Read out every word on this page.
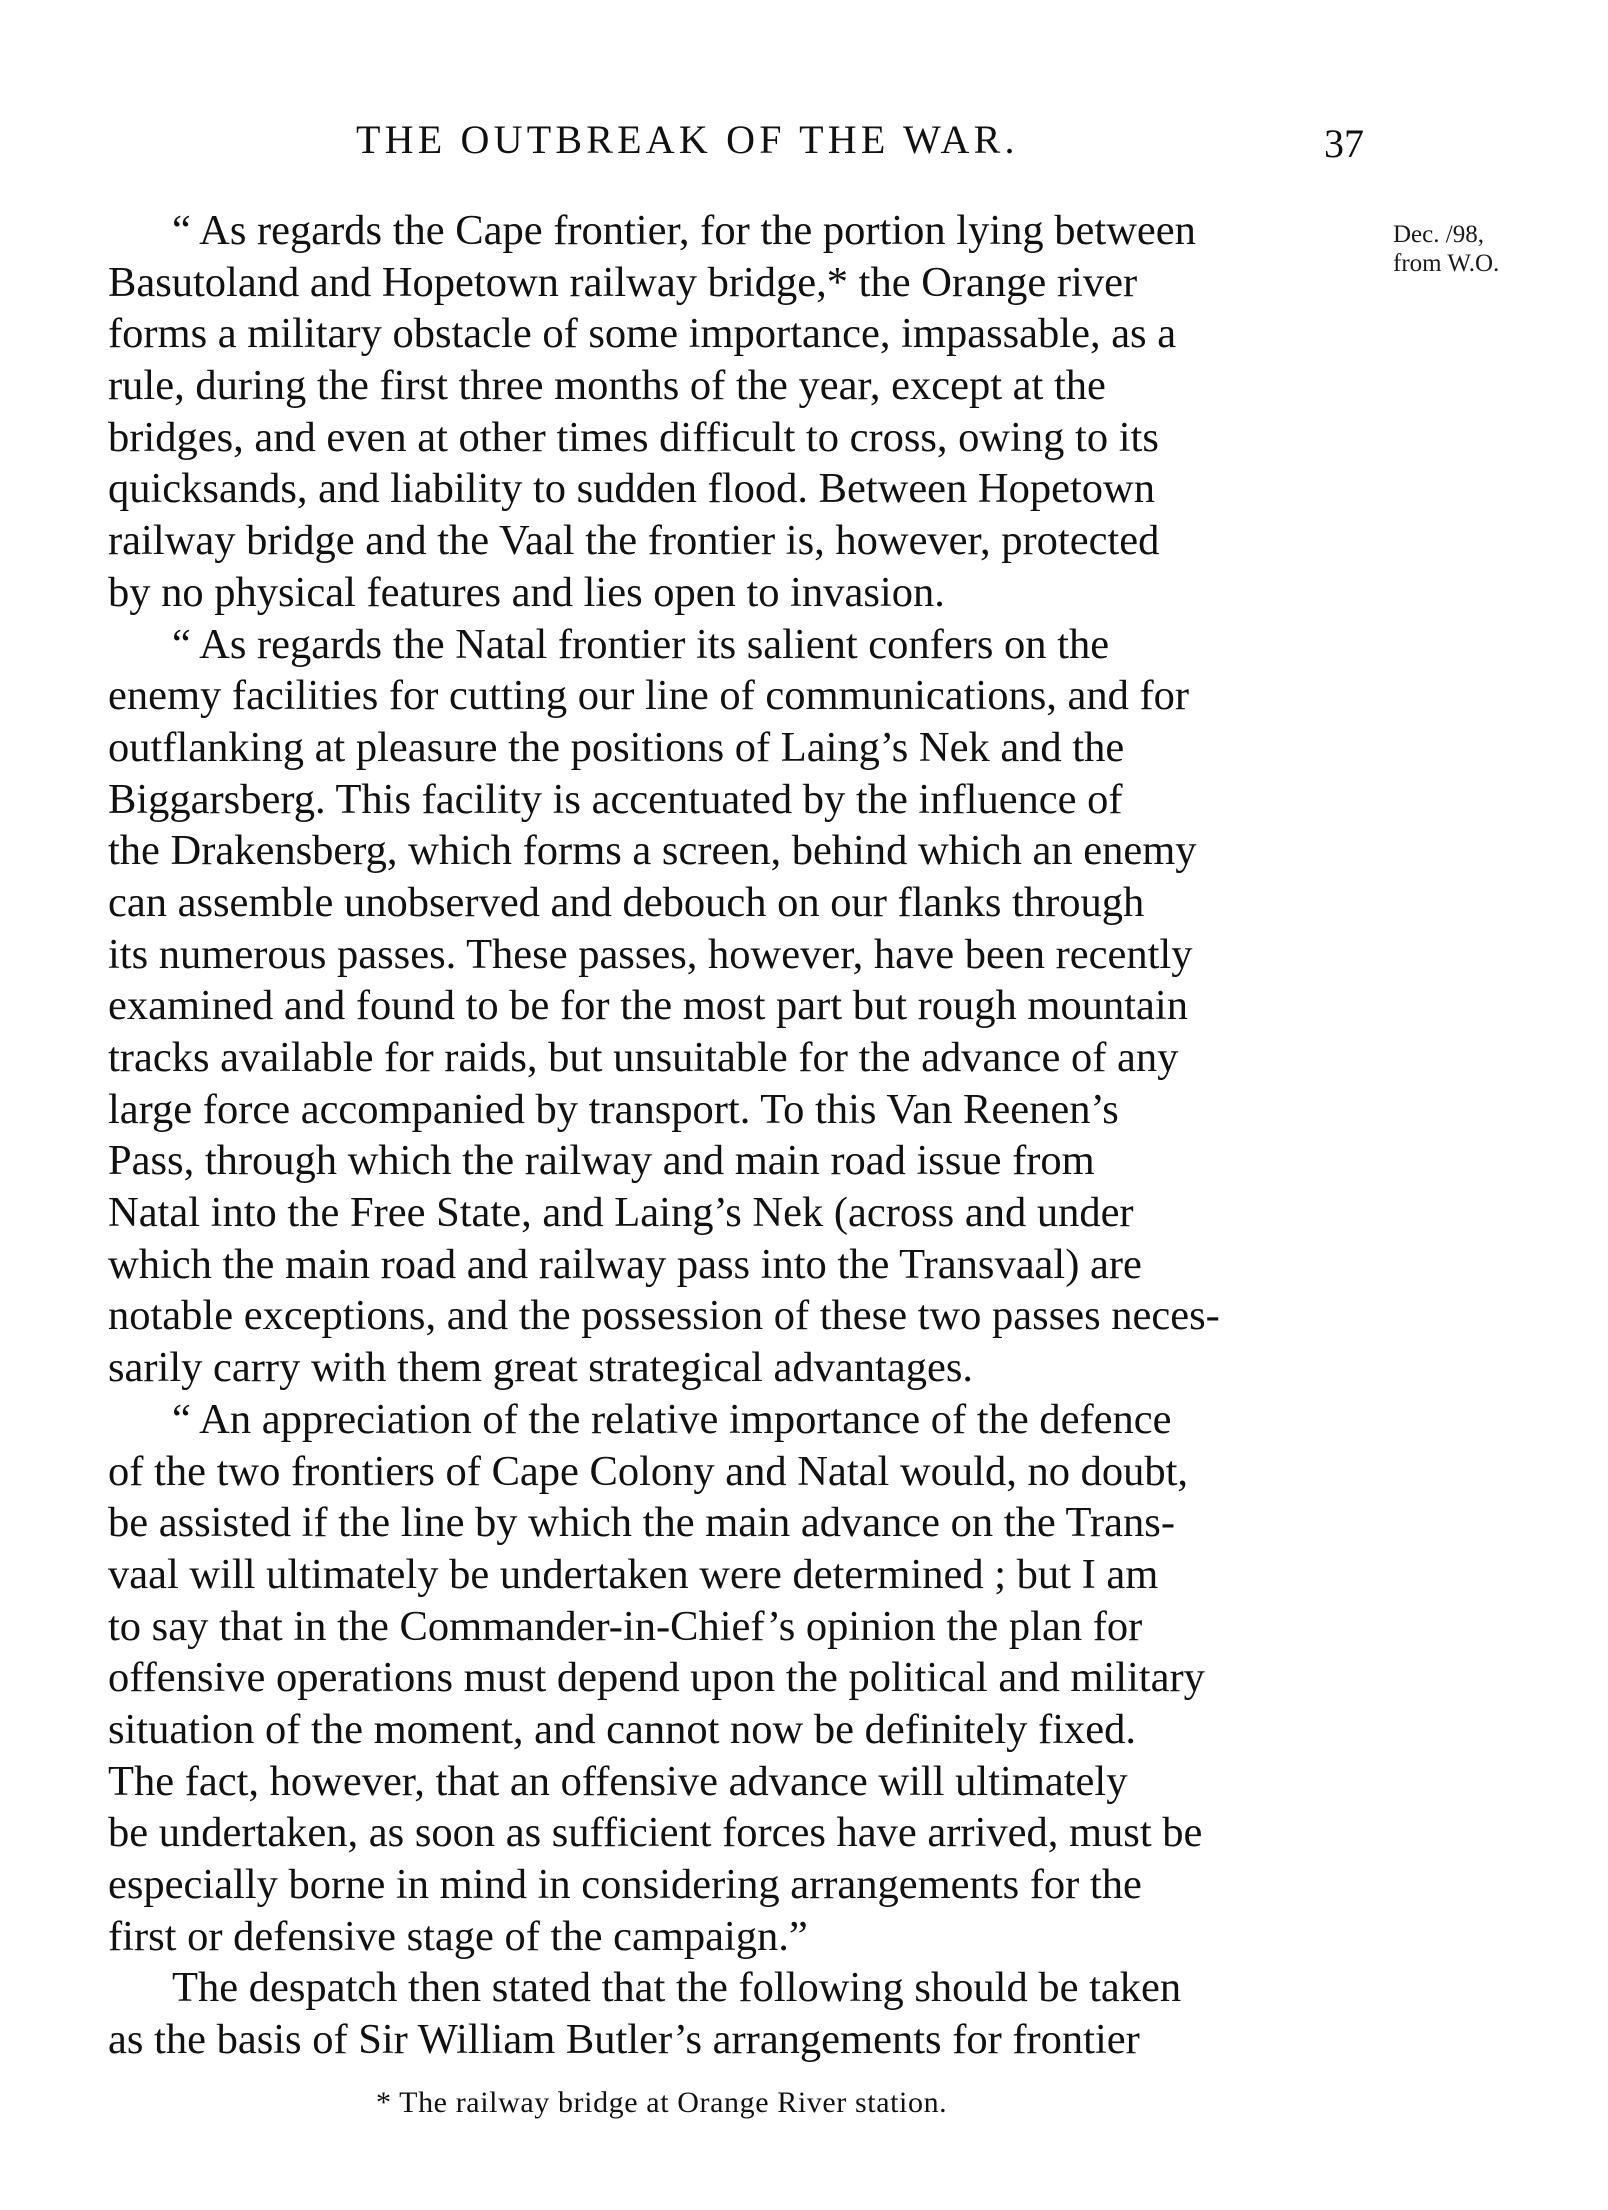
THE OUTBREAK OF THE WAR.	37
Dec. /98,
from W.O.
“ As regards the Cape frontier, for the portion lying between
Basutoland and Hopetown railway bridge,* the Orange river
forms a military obstacle of some importance, impassable, as a
rule, during the first three months of the year, except at the
bridges, and even at other times difficult to cross, owing to its
quicksands, and liability to sudden flood. Between Hopetown
railway bridge and the Vaal the frontier is, however, protected
by no physical features and lies open to invasion.
“ As regards the Natal frontier its salient confers on the
enemy facilities for cutting our line of communications, and for
outflanking at pleasure the positions of Laing’s Nek and the
Biggarsberg. This facility is accentuated by the influence of
the Drakensberg, which forms a screen, behind which an enemy
can assemble unobserved and debouch on our flanks through
its numerous passes. These passes, however, have been recently
examined and found to be for the most part but rough mountain
tracks available for raids, but unsuitable for the advance of any
large force accompanied by transport. To this Van Reenen’s
Pass, through which the railway and main road issue from
Natal into the Free State, and Laing’s Nek (across and under
which the main road and railway pass into the Transvaal) are
notable exceptions, and the possession of these two passes neces-
sarily carry with them great strategical advantages.
“ An appreciation of the relative importance of the defence
of the two frontiers of Cape Colony and Natal would, no doubt,
be assisted if the line by which the main advance on the Trans-
vaal will ultimately be undertaken were determined ; but I am
to say that in the Commander-in-Chief’s opinion the plan for
offensive operations must depend upon the political and military
situation of the moment, and cannot now be definitely fixed.
The fact, however, that an offensive advance will ultimately
be undertaken, as soon as sufficient forces have arrived, must be
especially borne in mind in considering arrangements for the
first or defensive stage of the campaign.”
The despatch then stated that the following should be taken
as the basis of Sir William Butler’s arrangements for frontier
* The railway bridge at Orange River station.
